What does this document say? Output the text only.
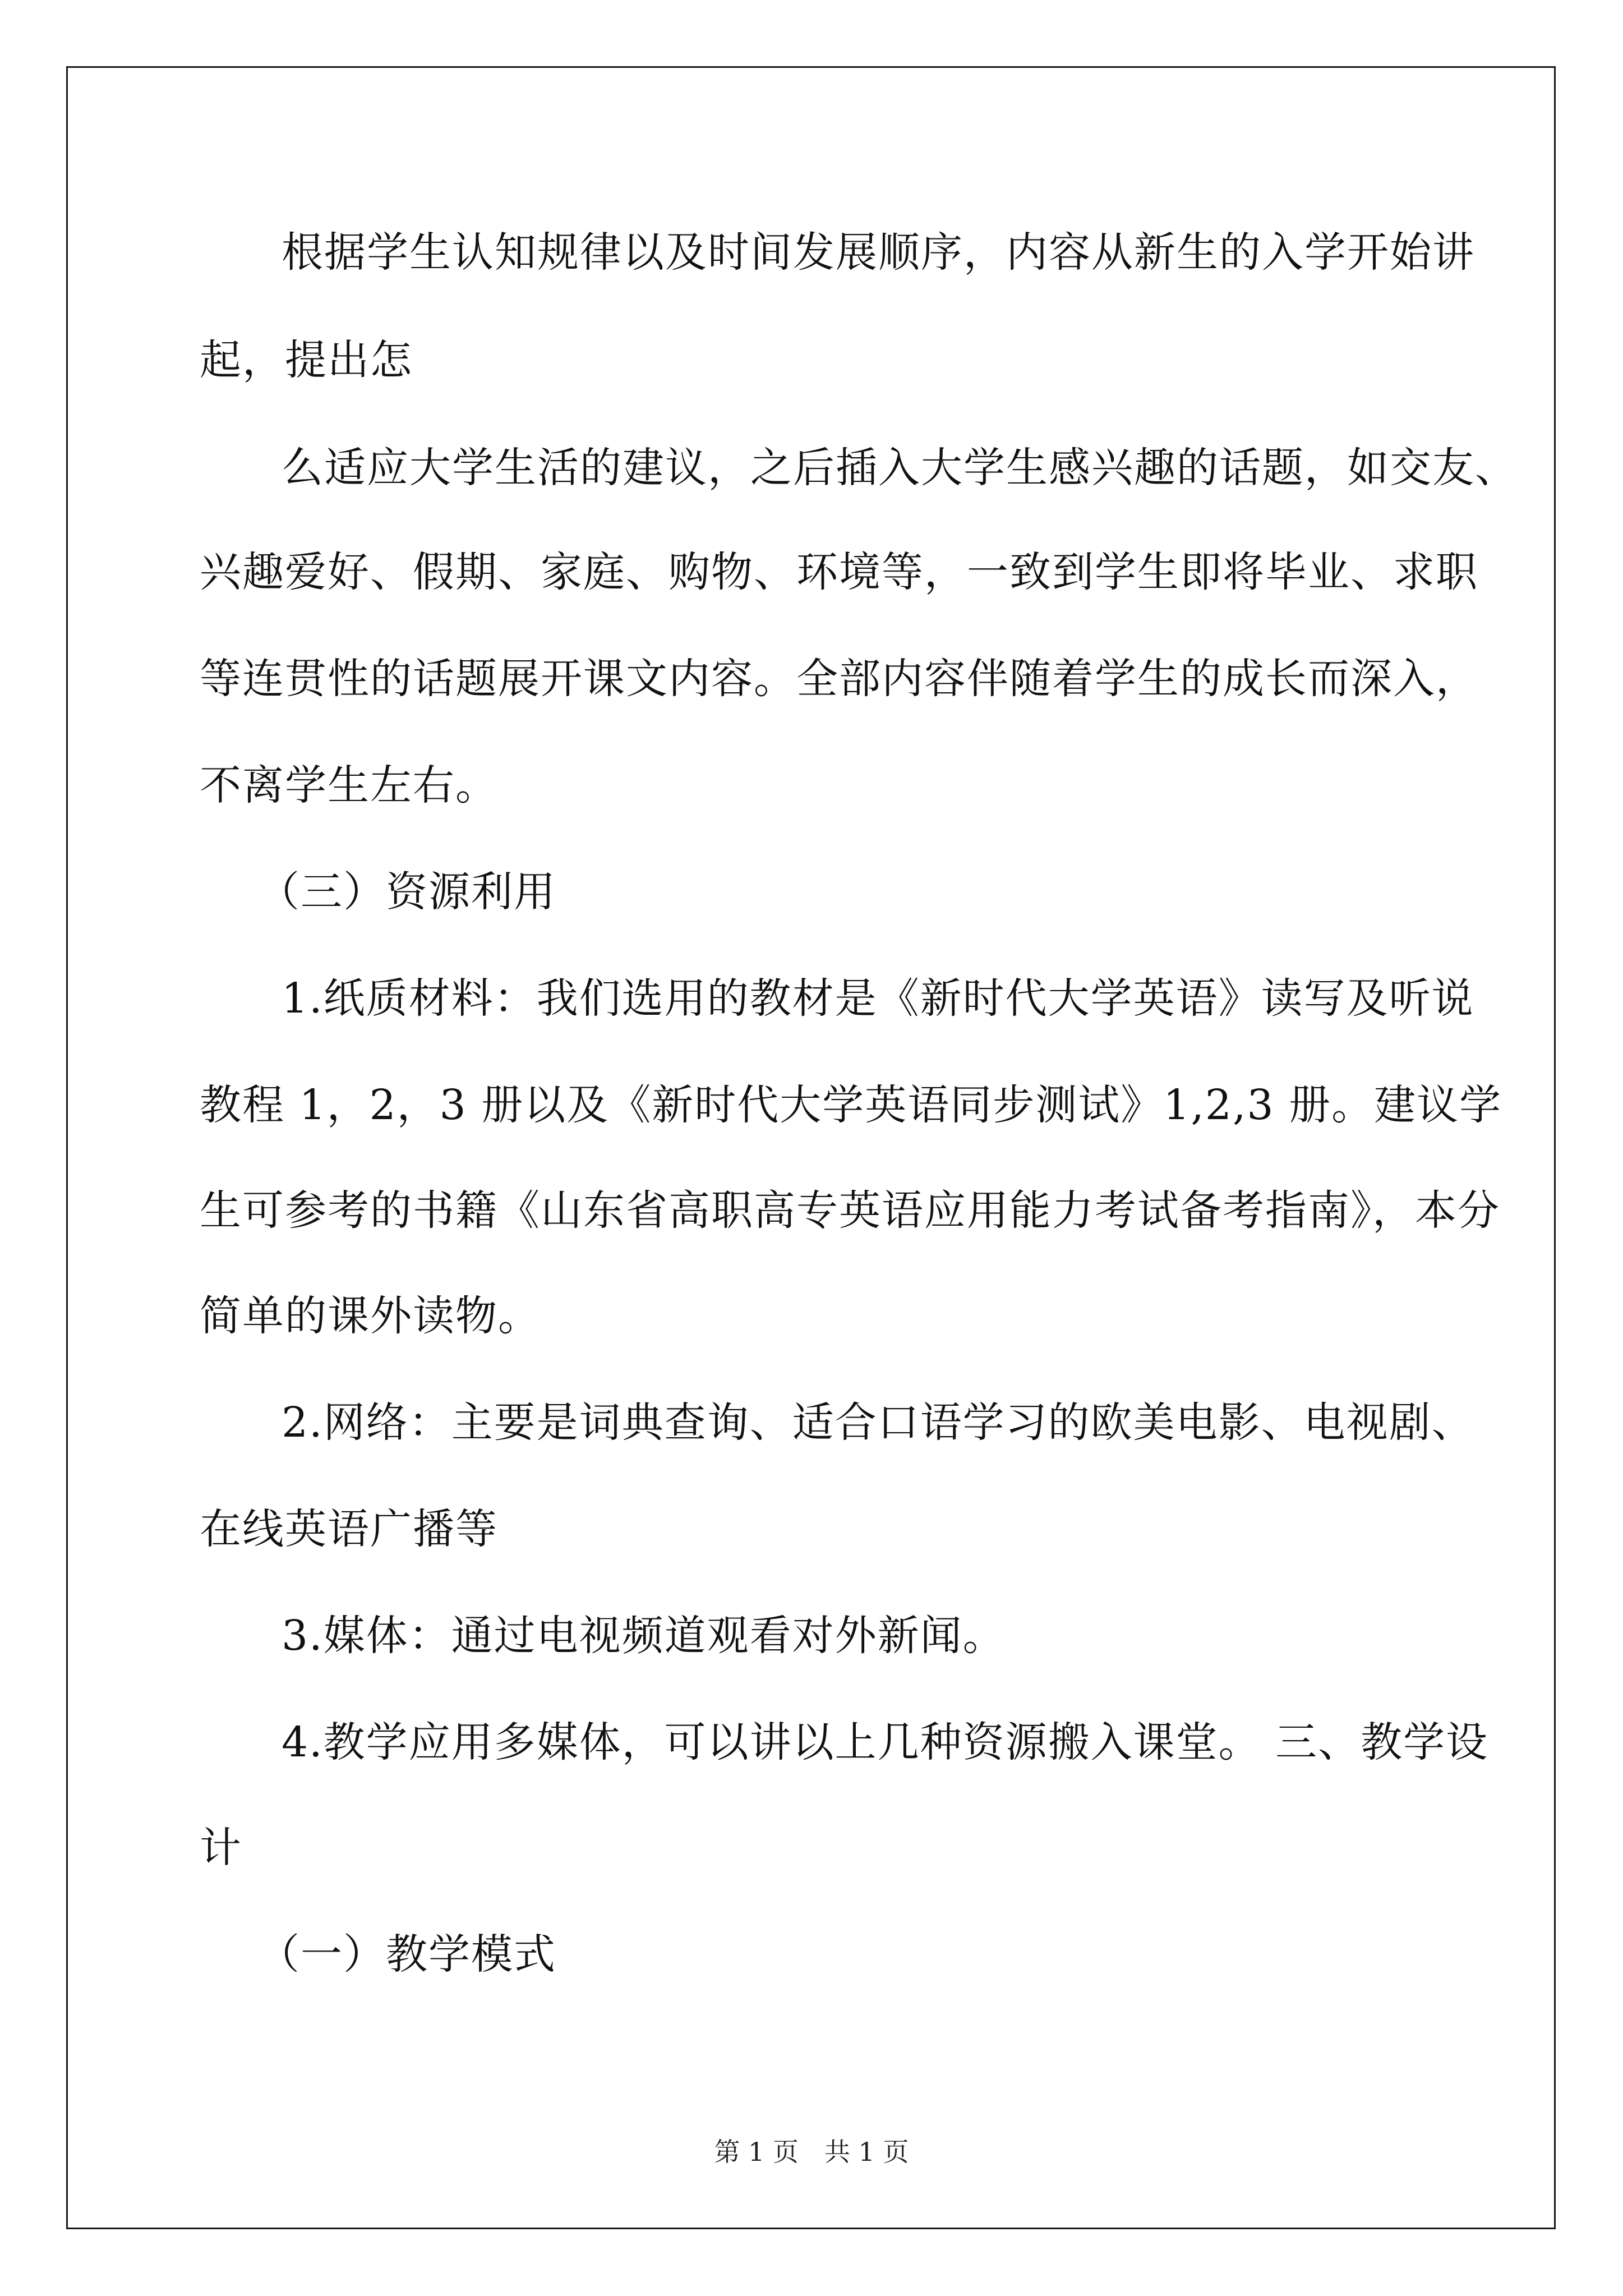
根据学生认知规律以及时间发展顺序，内容从新生的入学开始讲
起，提出怎
么适应大学生活的建议，之后插入大学生感兴趣的话题，如交友、
兴趣爱好、假期、家庭、购物、环境等，一致到学生即将毕业、求职
等连贯性的话题展开课文内容。全部内容伴随着学生的成长而深入，
不离学生左右。
（三）资源利用
1.纸质材料：我们选用的教材是《新时代大学英语》读写及听说
教程 1，2，3 册以及《新时代大学英语同步测试》1,2,3 册。建议学
生可参考的书籍《山东省高职高专英语应用能力考试备考指南》，本分
简单的课外读物。
2.网络：主要是词典查询、适合口语学习的欧美电影、电视剧、
在线英语广播等
3.媒体：通过电视频道观看对外新闻。
4.教学应用多媒体，可以讲以上几种资源搬入课堂。 三、教学设
计
（一）教学模式
第 1 页　共 1 页
